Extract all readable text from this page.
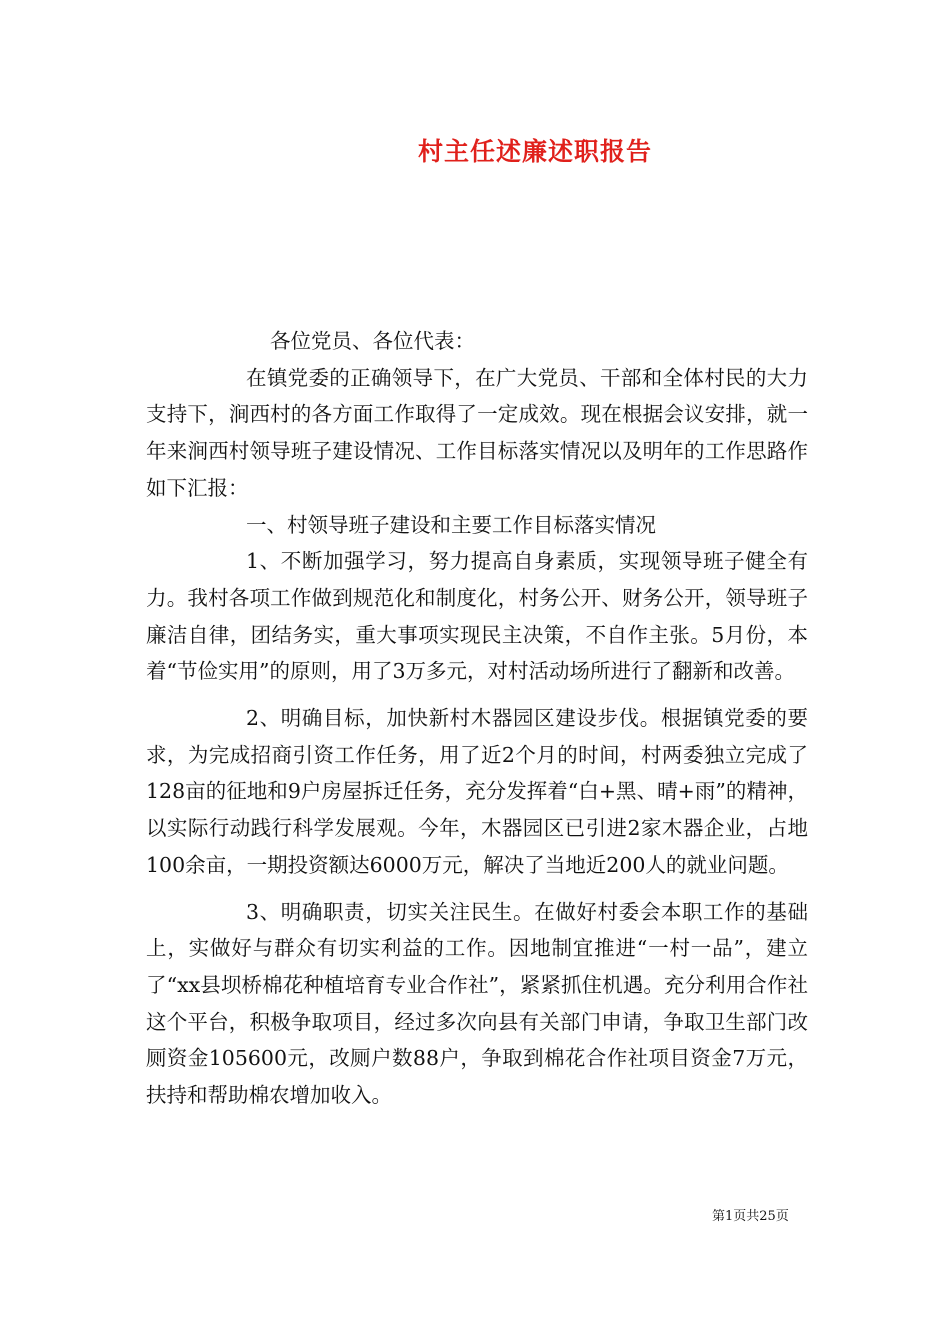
村主任述廉述职报告

各位党员、各位代表：

在镇党委的正确领导下，在广大党员、干部和全体村民的大力支持下，涧西村的各方面工作取得了一定成效。现在根据会议安排，就一年来涧西村领导班子建设情况、工作目标落实情况以及明年的工作思路作如下汇报：

一、村领导班子建设和主要工作目标落实情况

1、不断加强学习，努力提高自身素质，实现领导班子健全有力。我村各项工作做到规范化和制度化，村务公开、财务公开，领导班子廉洁自律，团结务实，重大事项实现民主决策，不自作主张。5月份，本着“节俭实用”的原则，用了3万多元，对村活动场所进行了翻新和改善。

2、明确目标，加快新村木器园区建设步伐。根据镇党委的要求，为完成招商引资工作任务，用了近2个月的时间，村两委独立完成了128亩的征地和9户房屋拆迁任务，充分发挥着“白+黑、晴+雨”的精神，以实际行动践行科学发展观。今年，木器园区已引进2家木器企业，占地100余亩，一期投资额达6000万元，解决了当地近200人的就业问题。

3、明确职责，切实关注民生。在做好村委会本职工作的基础上，实做好与群众有切实利益的工作。因地制宜推进“一村一品”，建立了“xx县坝桥棉花种植培育专业合作社”，紧紧抓住机遇。充分利用合作社这个平台，积极争取项目，经过多次向县有关部门申请，争取卫生部门改厕资金105600元，改厕户数88户，争取到棉花合作社项目资金7万元，扶持和帮助棉农增加收入。

第1页共25页
